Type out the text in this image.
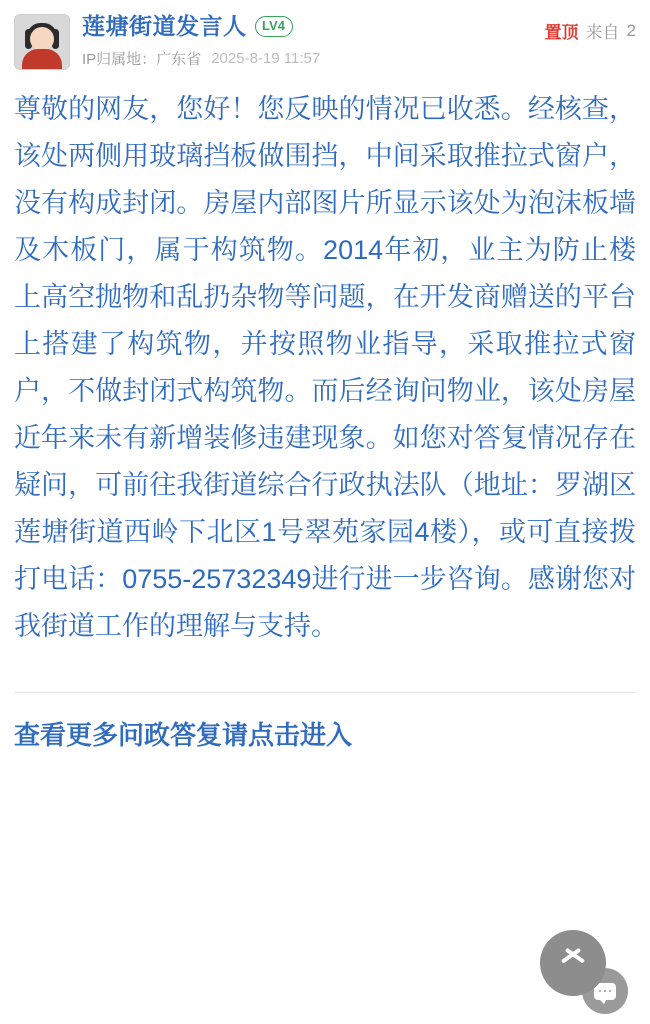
莲塘街道发言人	LV4
IP归属地：广东省 2025-8-19 11:57
置顶 来自 2

尊敬的网友，您好！您反映的情况已收悉。经核查，该处两侧用玻璃挡板做围挡，中间采取推拉式窗户，没有构成封闭。房屋内部图片所显示该处为泡沫板墙及木板门，属于构筑物。2014年初，业主为防止楼上高空抛物和乱扔杂物等问题，在开发商赠送的平台上搭建了构筑物，并按照物业指导，采取推拉式窗户，不做封闭式构筑物。而后经询问物业，该处房屋近年来未有新增装修违建现象。如您对答复情况存在疑问，可前往我街道综合行政执法队（地址：罗湖区莲塘街道西岭下北区1号翠苑家园4楼），或可直接拨打电话：0755-25732349进行进一步咨询。感谢您对我街道工作的理解与支持。

查看更多问政答复请点击进入
